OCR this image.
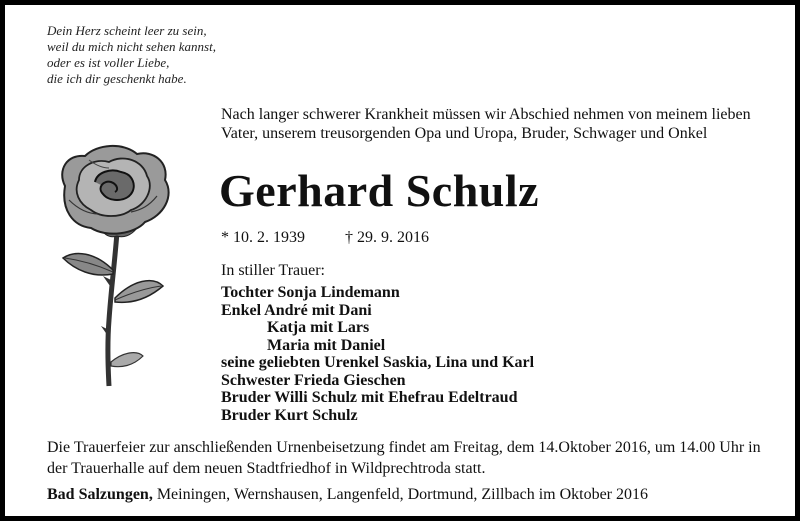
Dein Herz scheint leer zu sein,
weil du mich nicht sehen kannst,
oder es ist voller Liebe,
die ich dir geschenkt habe.
Nach langer schwerer Krankheit müssen wir Abschied nehmen von meinem lieben Vater, unserem treusorgenden Opa und Uropa, Bruder, Schwager und Onkel
Gerhard Schulz
* 10. 2. 1939	† 29. 9. 2016
In stiller Trauer:
Tochter Sonja Lindemann
Enkel André mit Dani
Katja mit Lars
Maria mit Daniel
seine geliebten Urenkel Saskia, Lina und Karl
Schwester Frieda Gieschen
Bruder Willi Schulz mit Ehefrau Edeltraud
Bruder Kurt Schulz
Die Trauerfeier zur anschließenden Urnenbeisetzung findet am Freitag, dem 14.Oktober 2016, um 14.00 Uhr in der Trauerhalle auf dem neuen Stadtfriedhof in Wildprechtroda statt.
Bad Salzungen, Meiningen, Wernshausen, Langenfeld, Dortmund, Zillbach im Oktober 2016
